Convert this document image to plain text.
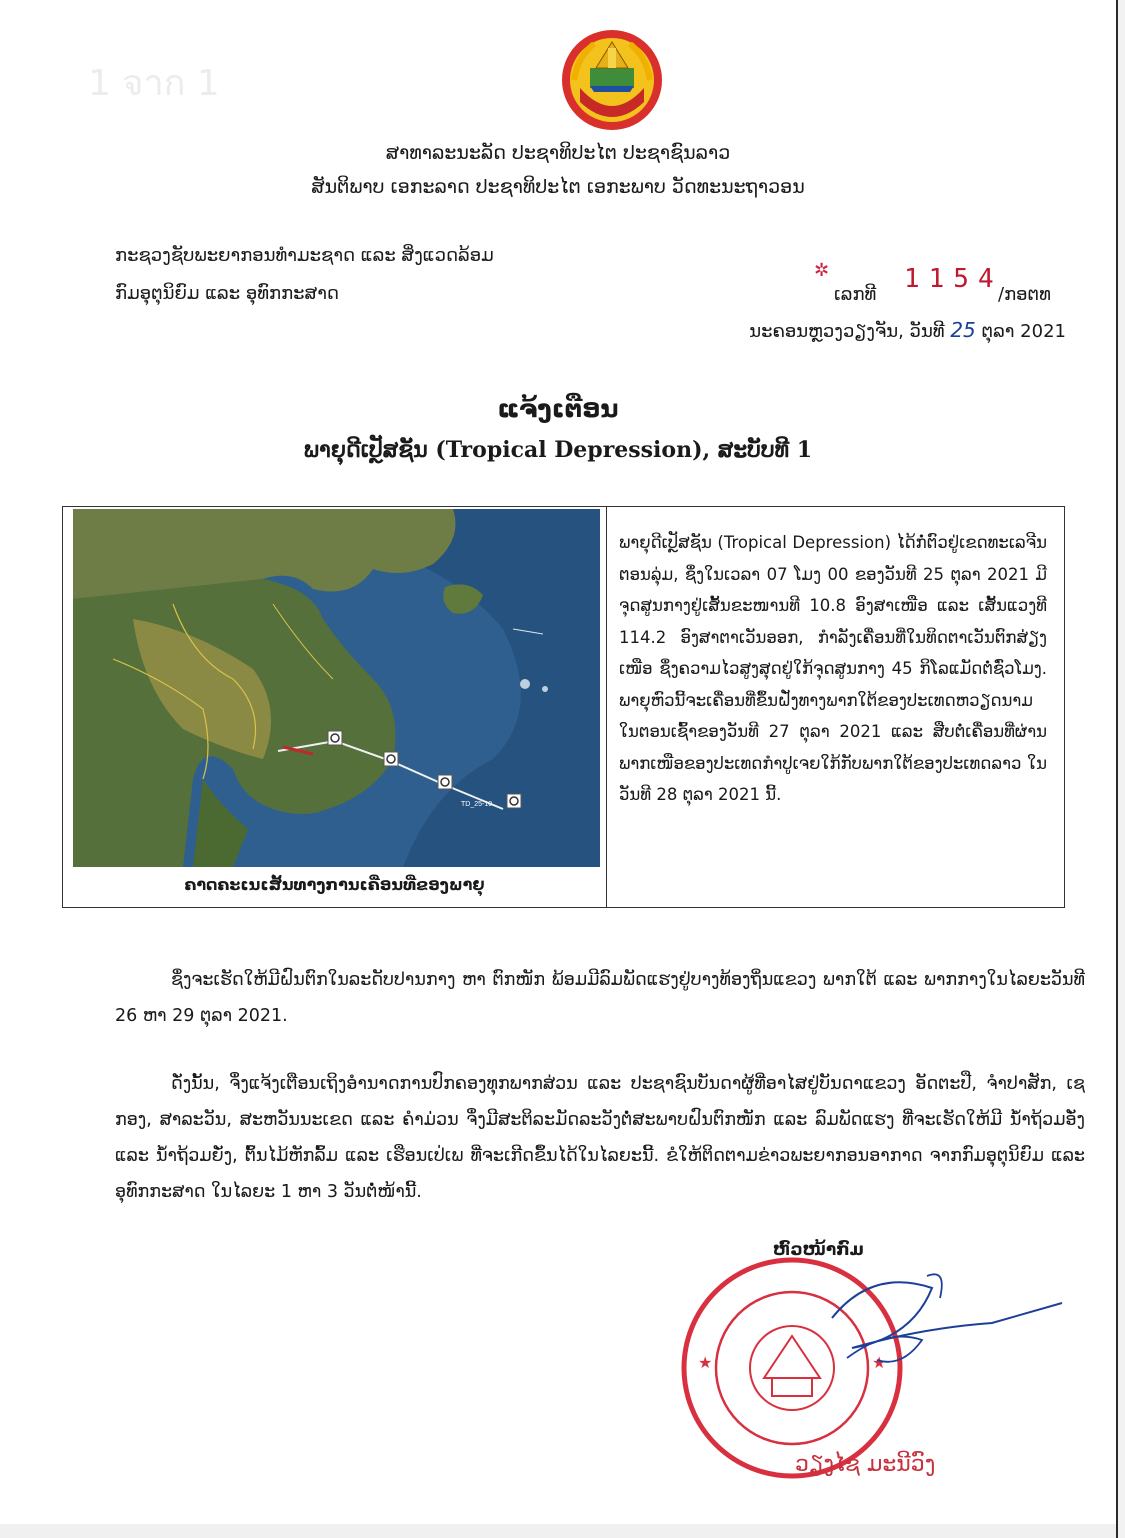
1 จาก 1
ສາທາລະນະລັດ ປະຊາທິປະໄຕ ປະຊາຊົນລາວ
ສັນຕິພາບ ເອກະລາດ ປະຊາທິປະໄຕ ເອກະພາບ ວັດທະນະຖາວອນ
ກະຊວງຊັບພະຍາກອນທຳມະຊາດ ແລະ ສິ່ງແວດລ້ອມ
ກົມອຸຕຸນິຍົມ ແລະ ອຸທົກກະສາດ
✲
ເລກທີ
1154
/ກອຕທ
ນະຄອນຫຼວງວຽງຈັນ, ວັນທີ 25 ຕຸລາ 2021
ແຈ້ງເຕືອນ
ພາຍຸດີເປຼັສຊັນ (Tropical Depression), ສະບັບທີ 1
TD_25-10
ຄາດຄະເນເສັ້ນທາງການເຄື່ອນທີ່ຂອງພາຍຸ
ພາຍຸດີເປຼັສຊັນ (Tropical Depression) ໄດ້ກໍ່ຕົວຢູ່ເຂດທະເລຈີນຕອນລຸ່ມ, ຊຶ່ງໃນເວລາ 07 ໂມງ 00 ຂອງວັນທີ 25 ຕຸລາ 2021 ມີຈຸດສູນກາງຢູ່ເສັ້ນຂະໜານທີ 10.8 ອົງສາເໜືອ ແລະ ເສັ້ນແວງທີ 114.2 ອົງສາຕາເວັນອອກ, ກຳລັງເຄື່ອນທີ່ໃນທິດຕາເວັນຕົກສ່ຽງເໜືອ ຊຶ່ງຄວາມໄວສູງສຸດຢູ່ໃກ້ຈຸດສູນກາງ 45 ກິໂລແມັດຕໍ່ຊົ່ວໂມງ. ພາຍຸຫົວນີ້ຈະເຄື່ອນທີ່ຂຶ້ນຝັ່ງທາງພາກໃຕ້ຂອງປະເທດຫວຽດນາມ ໃນຕອນເຊົ້າຂອງວັນທີ 27 ຕຸລາ 2021 ແລະ ສືບຕໍ່ເຄື່ອນທີ່ຜ່ານພາກເໜືອຂອງປະເທດກຳປູເຈຍໃກ້ກັບພາກໃຕ້ຂອງປະເທດລາວ ໃນວັນທີ 28 ຕຸລາ 2021 ນີ້.
ຊຶ່ງຈະເຮັດໃຫ້ມີຝົນຕົກໃນລະດັບປານກາງ ຫາ ຕົກໜັກ ພ້ອມມີລົມພັດແຮງຢູ່ບາງທ້ອງຖິ່ນແຂວງ ພາກໃຕ້ ແລະ ພາກກາງໃນໄລຍະວັນທີ 26 ຫາ 29 ຕຸລາ 2021.
ດັ່ງນັ້ນ, ຈຶ່ງແຈ້ງເຕືອນເຖິງອຳນາດການປົກຄອງທຸກພາກສ່ວນ ແລະ ປະຊາຊົນບັນດາຜູ້ທີ່ອາໄສຢູ່ບັນດາແຂວງ ອັດຕະປື, ຈຳປາສັກ, ເຊກອງ, ສາລະວັນ, ສະຫວັນນະເຂດ ແລະ ຄຳມ່ວນ ຈຶ່ງມີສະຕິລະມັດລະວັງຕໍ່ສະພາບຝົນຕົກໜັກ ແລະ ລົມພັດແຮງ ທີ່ຈະເຮັດໃຫ້ມີ ນ້ຳຖ້ວມອັ່ງ ແລະ ນ້ຳຖ້ວມຍັ່ງ, ຕົ້ນໄມ້ຫັກລົ້ມ ແລະ ເຮືອນເປ່ເພ ທີ່ຈະເກີດຂຶ້ນໄດ້ໃນໄລຍະນີ້. ຂໍໃຫ້ຕິດຕາມຂ່າວພະຍາກອນອາກາດ ຈາກກົມອຸຕຸນິຍົມ ແລະ ອຸທົກກະສາດ ໃນໄລຍະ 1 ຫາ 3 ວັນຕໍ່ໜ້ານີ້.
★	★
ຫົວໜ້າກົມ
ວຽງໄຊ ມະນີວົງ
